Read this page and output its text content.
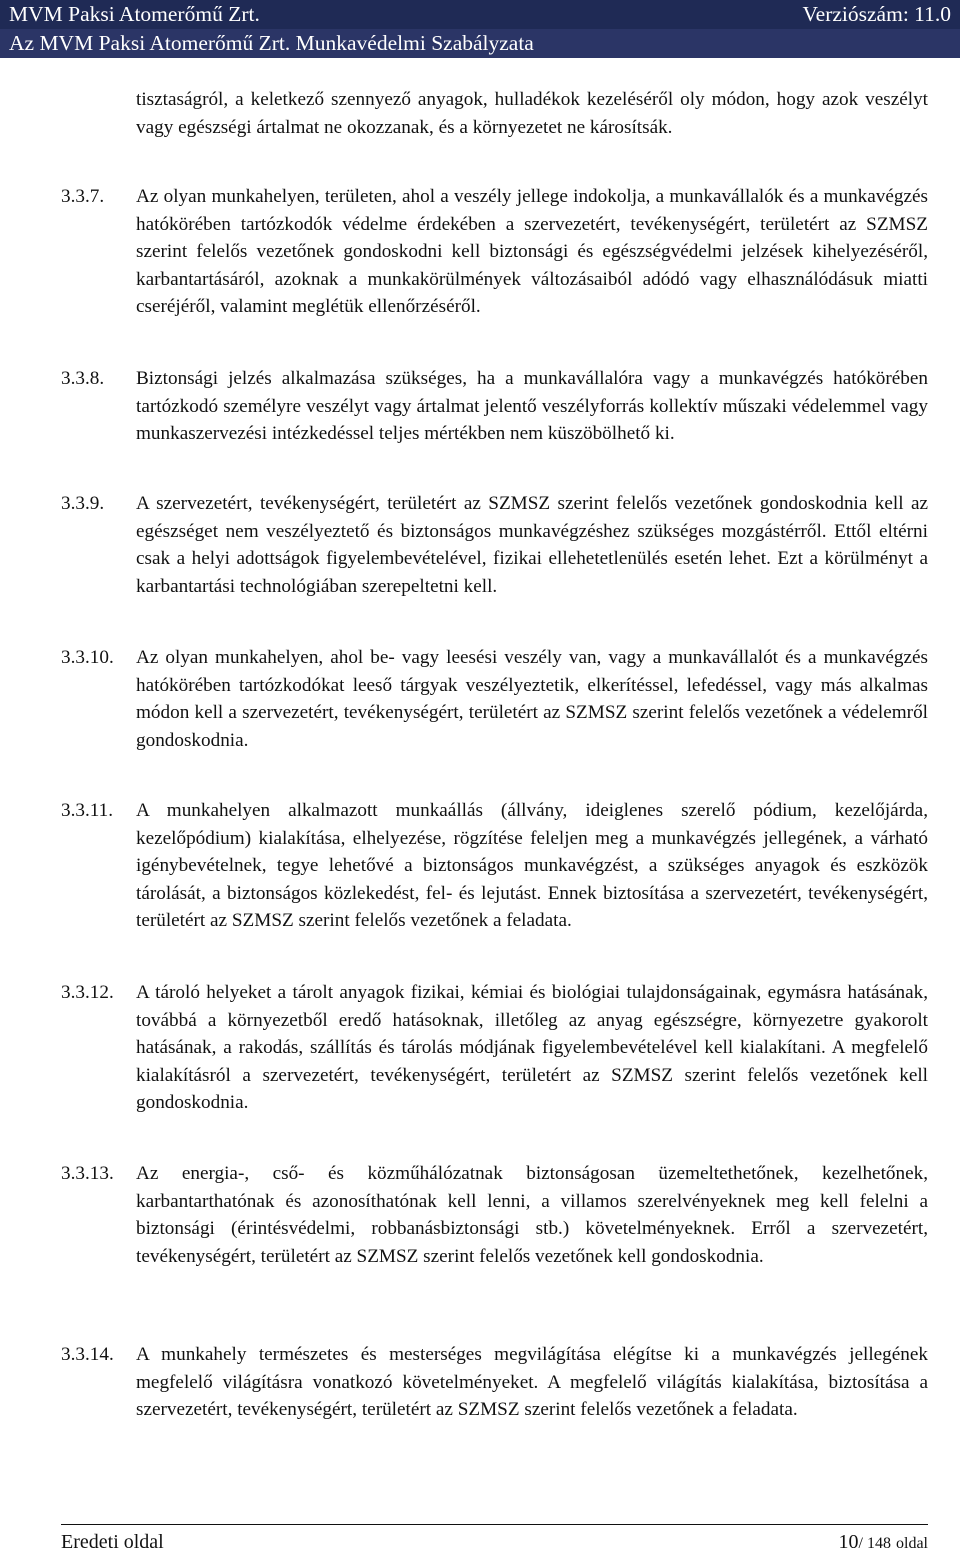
MVM Paksi Atomerőmű Zrt.	Verziószám: 11.0
Az MVM Paksi Atomerőmű Zrt. Munkavédelmi Szabályzata
tisztaságról, a keletkező szennyező anyagok, hulladékok kezeléséről oly módon, hogy azok veszélyt vagy egészségi ártalmat ne okozzanak, és a környezetet ne károsítsák.
3.3.7. Az olyan munkahelyen, területen, ahol a veszély jellege indokolja, a munkavállalók és a munkavégzés hatókörében tartózkodók védelme érdekében a szervezetért, tevékenységért, területért az SZMSZ szerint felelős vezetőnek gondoskodni kell biztonsági és egészségvédelmi jelzések kihelyezéséről, karbantartásáról, azoknak a munkakörülmények változásaiból adódó vagy elhasználódásuk miatti cseréjéről, valamint meglétük ellenőrzéséről.
3.3.8. Biztonsági jelzés alkalmazása szükséges, ha a munkavállalóra vagy a munkavégzés hatókörében tartózkodó személyre veszélyt vagy ártalmat jelentő veszélyforrás kollektív műszaki védelemmel vagy munkaszervezési intézkedéssel teljes mértékben nem küszöbölhető ki.
3.3.9. A szervezetért, tevékenységért, területért az SZMSZ szerint felelős vezetőnek gondoskodnia kell az egészséget nem veszélyeztető és biztonságos munkavégzéshez szükséges mozgástérről. Ettől eltérni csak a helyi adottságok figyelembevételével, fizikai ellehetetlenülés esetén lehet. Ezt a körülményt a karbantartási technológiában szerepeltetni kell.
3.3.10. Az olyan munkahelyen, ahol be- vagy leesési veszély van, vagy a munkavállalót és a munkavégzés hatókörében tartózkodókat leeső tárgyak veszélyeztetik, elkerítéssel, lefedéssel, vagy más alkalmas módon kell a szervezetért, tevékenységért, területért az SZMSZ szerint felelős vezetőnek a védelemről gondoskodnia.
3.3.11. A munkahelyen alkalmazott munkaállás (állvány, ideiglenes szerelő pódium, kezelőjárda, kezelőpódium) kialakítása, elhelyezése, rögzítése feleljen meg a munkavégzés jellegének, a várható igénybevételnek, tegye lehetővé a biztonságos munkavégzést, a szükséges anyagok és eszközök tárolását, a biztonságos közlekedést, fel- és lejutást. Ennek biztosítása a szervezetért, tevékenységért, területért az SZMSZ szerint felelős vezetőnek a feladata.
3.3.12. A tároló helyeket a tárolt anyagok fizikai, kémiai és biológiai tulajdonságainak, egymásra hatásának, továbbá a környezetből eredő hatásoknak, illetőleg az anyag egészségre, környezetre gyakorolt hatásának, a rakodás, szállítás és tárolás módjának figyelembevételével kell kialakítani. A megfelelő kialakításról a szervezetért, tevékenységért, területért az SZMSZ szerint felelős vezetőnek kell gondoskodnia.
3.3.13. Az energia-, cső- és közműhálózatnak biztonságosan üzemeltethetőnek, kezelhetőnek, karbantarthatónak és azonosíthatónak kell lenni, a villamos szerelvényeknek meg kell felelni a biztonsági (érintésvédelmi, robbanásbiztonsági stb.) követelményeknek. Erről a szervezetért, tevékenységért, területért az SZMSZ szerint felelős vezetőnek kell gondoskodnia.
3.3.14. A munkahely természetes és mesterséges megvilágítása elégítse ki a munkavégzés jellegének megfelelő világításra vonatkozó követelményeket. A megfelelő világítás kialakítása, biztosítása a szervezetért, tevékenységért, területért az SZMSZ szerint felelős vezetőnek a feladata.
Eredeti oldal	10/ 148 oldal
